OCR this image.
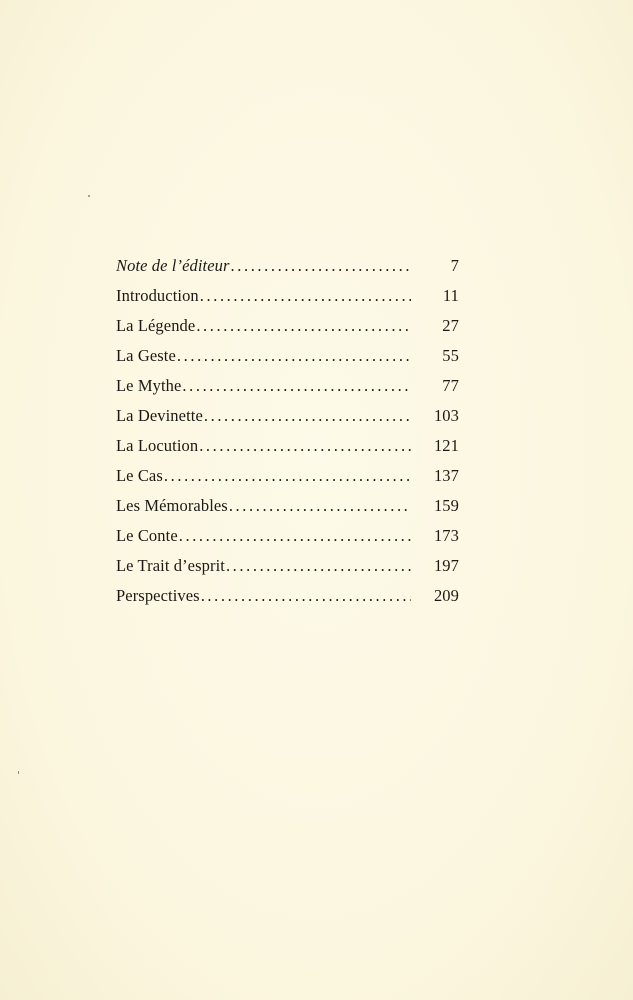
Note de l’éditeur .....	7
Introduction .....	11
La Légende .....	27
La Geste .....	55
Le Mythe .....	77
La Devinette .....	103
La Locution .....	121
Le Cas .....	137
Les Mémorables .....	159
Le Conte .....	173
Le Trait d’esprit .....	197
Perspectives .....	209
